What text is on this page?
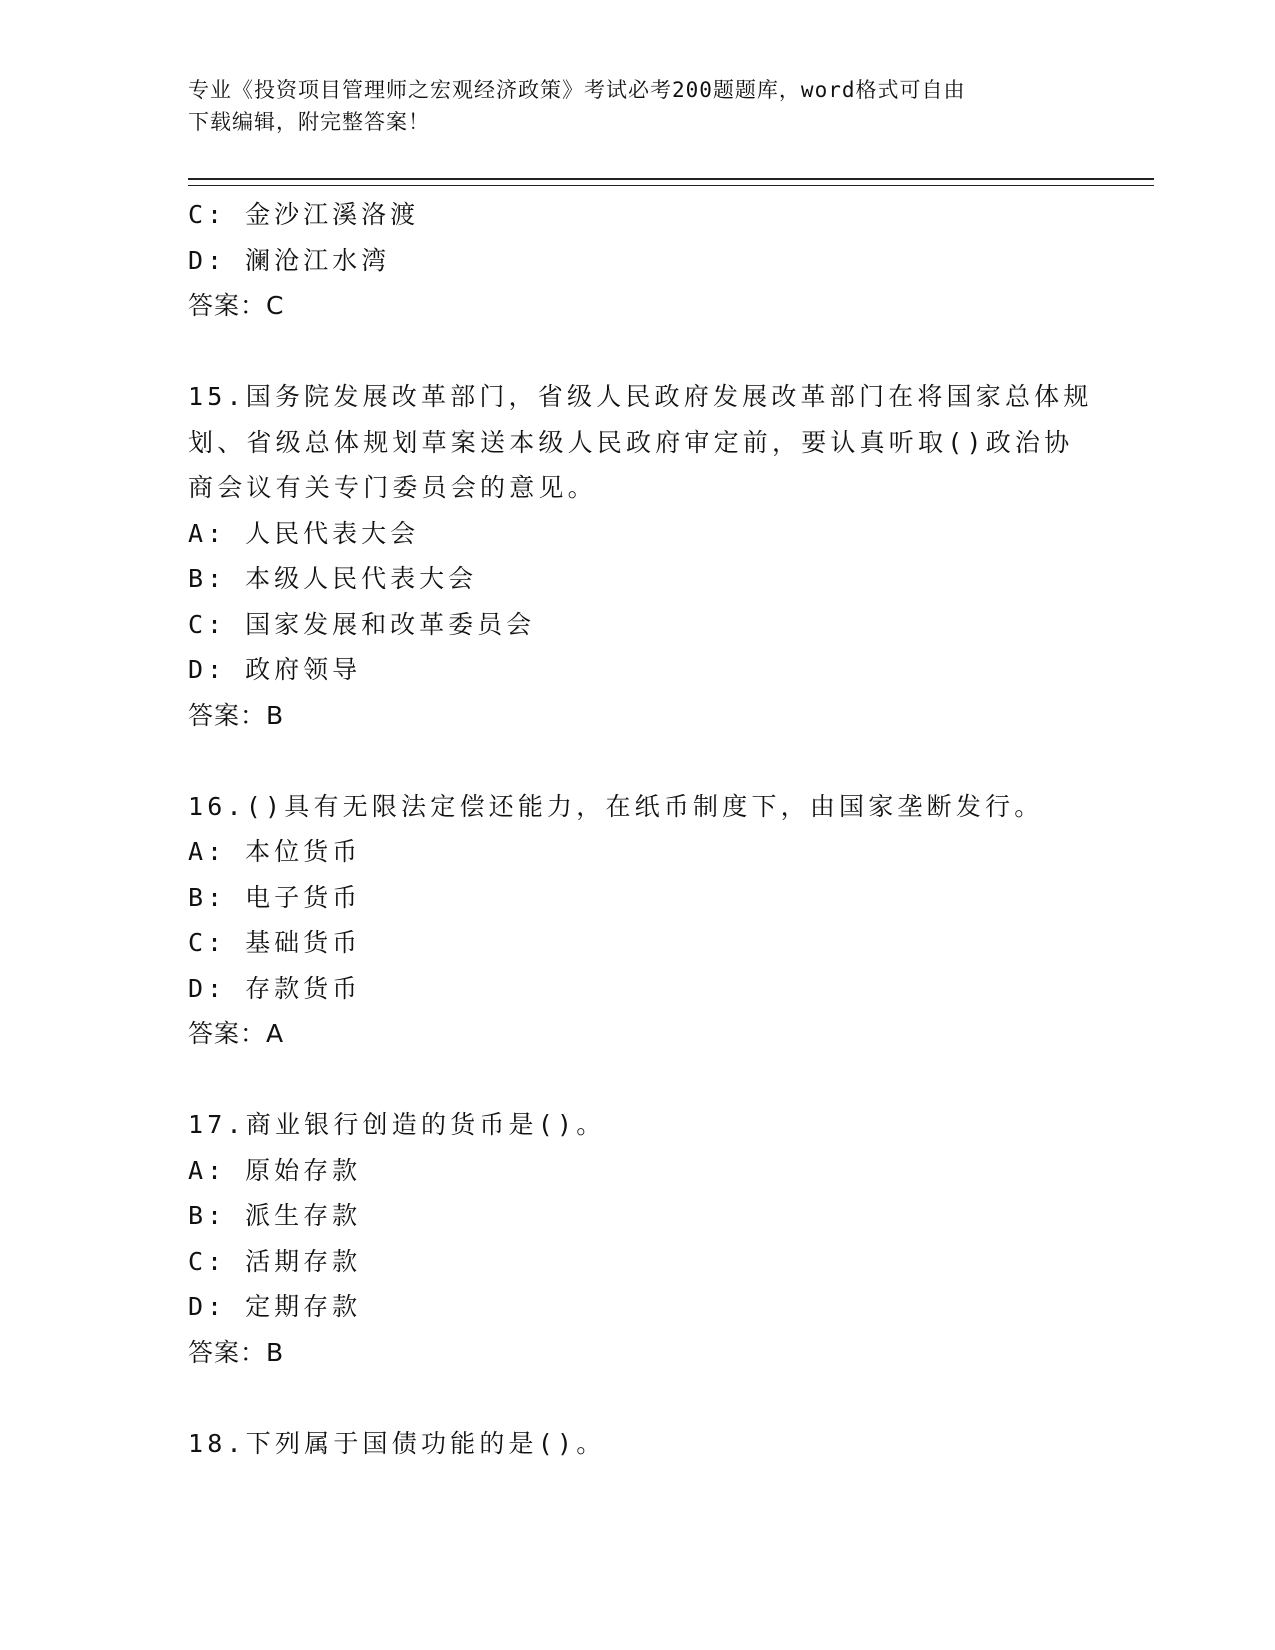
专业《投资项目管理师之宏观经济政策》考试必考200题题库，word格式可自由
下载编辑，附完整答案！
C: 金沙江溪洛渡
D: 澜沧江水湾
答案：C
15.国务院发展改革部门，省级人民政府发展改革部门在将国家总体规
划、省级总体规划草案送本级人民政府审定前，要认真听取()政治协
商会议有关专门委员会的意见。
A: 人民代表大会
B: 本级人民代表大会
C: 国家发展和改革委员会
D: 政府领导
答案：B
16.()具有无限法定偿还能力，在纸币制度下，由国家垄断发行。
A: 本位货币
B: 电子货币
C: 基础货币
D: 存款货币
答案：A
17.商业银行创造的货币是()。
A: 原始存款
B: 派生存款
C: 活期存款
D: 定期存款
答案：B
18.下列属于国债功能的是()。
